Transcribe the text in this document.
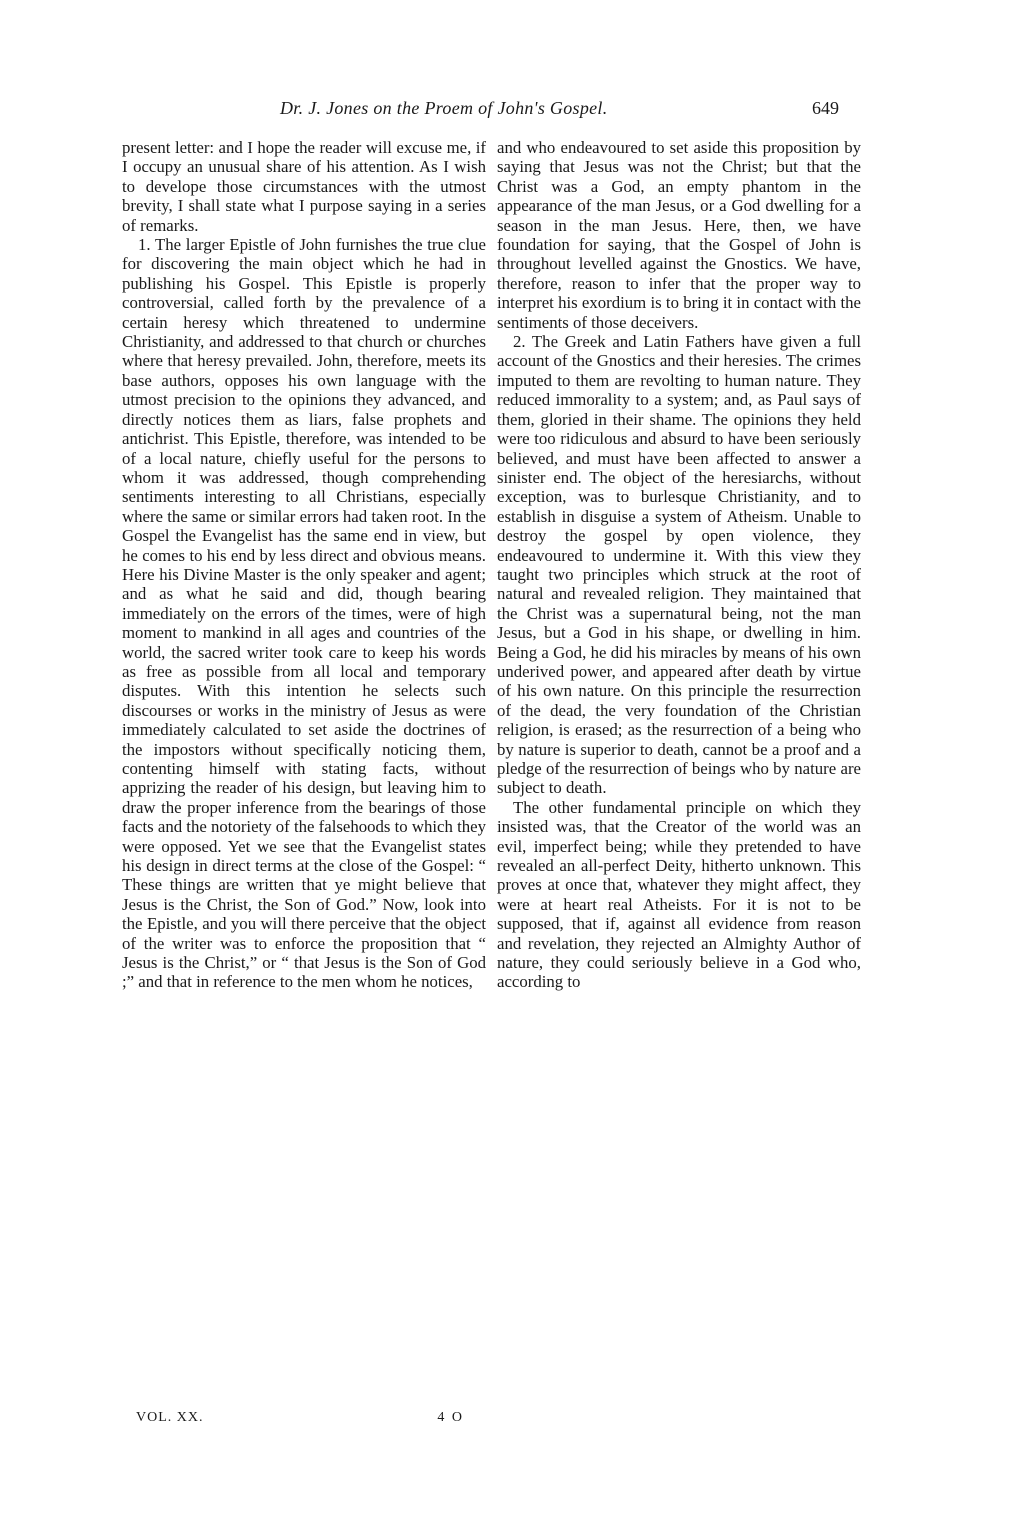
Dr. J. Jones on the Proem of John's Gospel.	649

present letter: and I hope the reader will excuse me, if I occupy an unusual share of his attention. As I wish to develope those circumstances with the utmost brevity, I shall state what I purpose saying in a series of remarks.

1. The larger Epistle of John furnishes the true clue for discovering the main object which he had in publishing his Gospel. This Epistle is properly controversial, called forth by the prevalence of a certain heresy which threatened to undermine Christianity, and addressed to that church or churches where that heresy prevailed. John, therefore, meets its base authors, opposes his own language with the utmost precision to the opinions they advanced, and directly notices them as liars, false prophets and antichrist. This Epistle, therefore, was intended to be of a local nature, chiefly useful for the persons to whom it was addressed, though comprehending sentiments interesting to all Christians, especially where the same or similar errors had taken root. In the Gospel the Evangelist has the same end in view, but he comes to his end by less direct and obvious means. Here his Divine Master is the only speaker and agent; and as what he said and did, though bearing immediately on the errors of the times, were of high moment to mankind in all ages and countries of the world, the sacred writer took care to keep his words as free as possible from all local and temporary disputes. With this intention he selects such discourses or works in the ministry of Jesus as were immediately calculated to set aside the doctrines of the impostors without specifically noticing them, contenting himself with stating facts, without apprizing the reader of his design, but leaving him to draw the proper inference from the bearings of those facts and the notoriety of the falsehoods to which they were opposed. Yet we see that the Evangelist states his design in direct terms at the close of the Gospel: “ These things are written that ye might believe that Jesus is the Christ, the Son of God.” Now, look into the Epistle, and you will there perceive that the object of the writer was to enforce the proposition that “ Jesus is the Christ,” or “ that Jesus is the Son of God ;” and that in reference to the men whom he notices,

and who endeavoured to set aside this proposition by saying that Jesus was not the Christ; but that the Christ was a God, an empty phantom in the appearance of the man Jesus, or a God dwelling for a season in the man Jesus. Here, then, we have foundation for saying, that the Gospel of John is throughout levelled against the Gnostics. We have, therefore, reason to infer that the proper way to interpret his exordium is to bring it in contact with the sentiments of those deceivers.

2. The Greek and Latin Fathers have given a full account of the Gnostics and their heresies. The crimes imputed to them are revolting to human nature. They reduced immorality to a system; and, as Paul says of them, gloried in their shame. The opinions they held were too ridiculous and absurd to have been seriously believed, and must have been affected to answer a sinister end. The object of the heresiarchs, without exception, was to burlesque Christianity, and to establish in disguise a system of Atheism. Unable to destroy the gospel by open violence, they endeavoured to undermine it. With this view they taught two principles which struck at the root of natural and revealed religion. They maintained that the Christ was a supernatural being, not the man Jesus, but a God in his shape, or dwelling in him. Being a God, he did his miracles by means of his own underived power, and appeared after death by virtue of his own nature. On this principle the resurrection of the dead, the very foundation of the Christian religion, is erased; as the resurrection of a being who by nature is superior to death, cannot be a proof and a pledge of the resurrection of beings who by nature are subject to death.

The other fundamental principle on which they insisted was, that the Creator of the world was an evil, imperfect being; while they pretended to have revealed an all-perfect Deity, hitherto unknown. This proves at once that, whatever they might affect, they were at heart real Atheists. For it is not to be supposed, that if, against all evidence from reason and revelation, they rejected an Almighty Author of nature, they could seriously believe in a God who, according to

VOL. XX.	4 O
